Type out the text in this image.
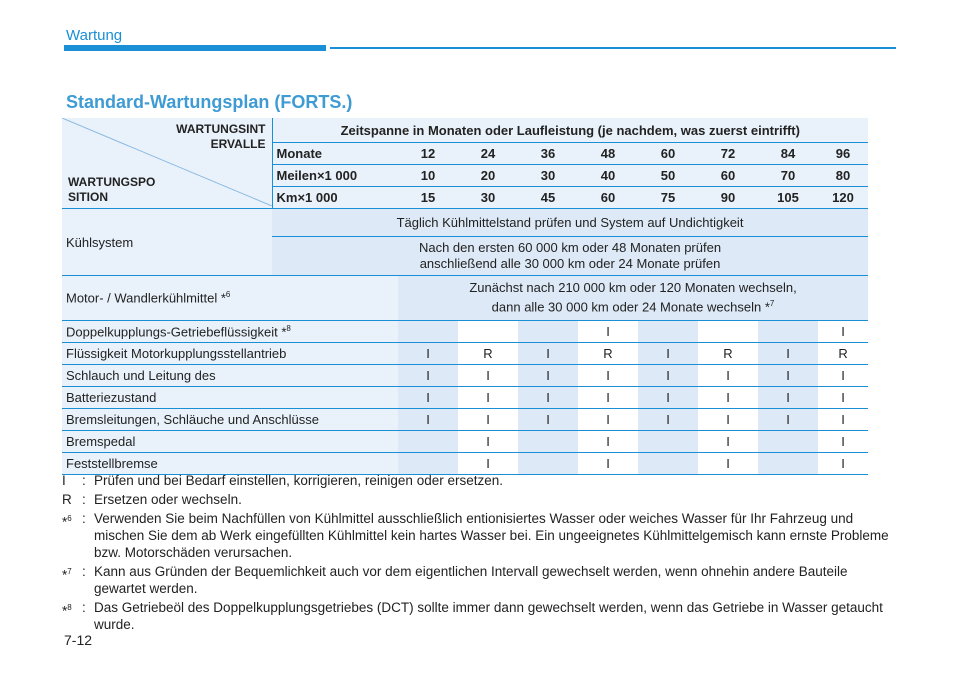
Wartung
Standard-Wartungsplan (FORTS.)
WARTUNGSINT ERVALLE
WARTUNGSPO SITION	Zeitspanne in Monaten oder Laufleistung (je nachdem, was zuerst eintrifft)								
	Monate	12	24	36	48	60	72	84	96
	Meilen×1 000	10	20	30	40	50	60	70	80
	Km×1 000	15	30	45	60	75	90	105	120
Kühlsystem	Täglich Kühlmittelstand prüfen und System auf Undichtigkeit								

	Nach den ersten 60 000 km oder 48 Monaten prüfen
anschließend alle 30 000 km oder 24 Monate prüfen								

Motor- / Wandlerkühlmittel *$^6$		Zunächst nach 210 000 km oder 120 Monaten wechseln,
dann alle 30 000 km oder 24 Monate wechseln *$^7$

Doppelkupplungs-Getriebeflüssigkeit *$^8$					I				I
Flüssigkeit Motorkupplungsstellantrieb		I	R	I	R	I	R	I	R
Schlauch und Leitung des		I	I	I	I	I	I	I	I
Batteriezustand		I	I	I	I	I	I	I	I
Bremsleitungen, Schläuche und Anschlüsse		I	I	I	I	I	I	I	I
Bremspedal			I		I		I		I
Feststellbremse			I		I		I		I
I	: Prüfen und bei Bedarf einstellen, korrigieren, reinigen oder ersetzen.
R : Ersetzen oder wechseln.
*$^6$ : Verwenden Sie beim Nachfüllen von Kühlmittel ausschließlich entionisiertes Wasser oder weiches Wasser für Ihr Fahrzeug und mischen Sie dem ab Werk eingefüllten Kühlmittel kein hartes Wasser bei. Ein ungeeignetes Kühlmittelgemisch kann ernste Probleme bzw. Motorschäden verursachen.
*$^7$ : Kann aus Gründen der Bequemlichkeit auch vor dem eigentlichen Intervall gewechselt werden, wenn ohnehin andere Bauteile gewartet werden.
*$^8$ : Das Getriebeöl des Doppelkupplungsgetriebes (DCT) sollte immer dann gewechselt werden, wenn das Getriebe in Wasser getaucht wurde.
7-12
